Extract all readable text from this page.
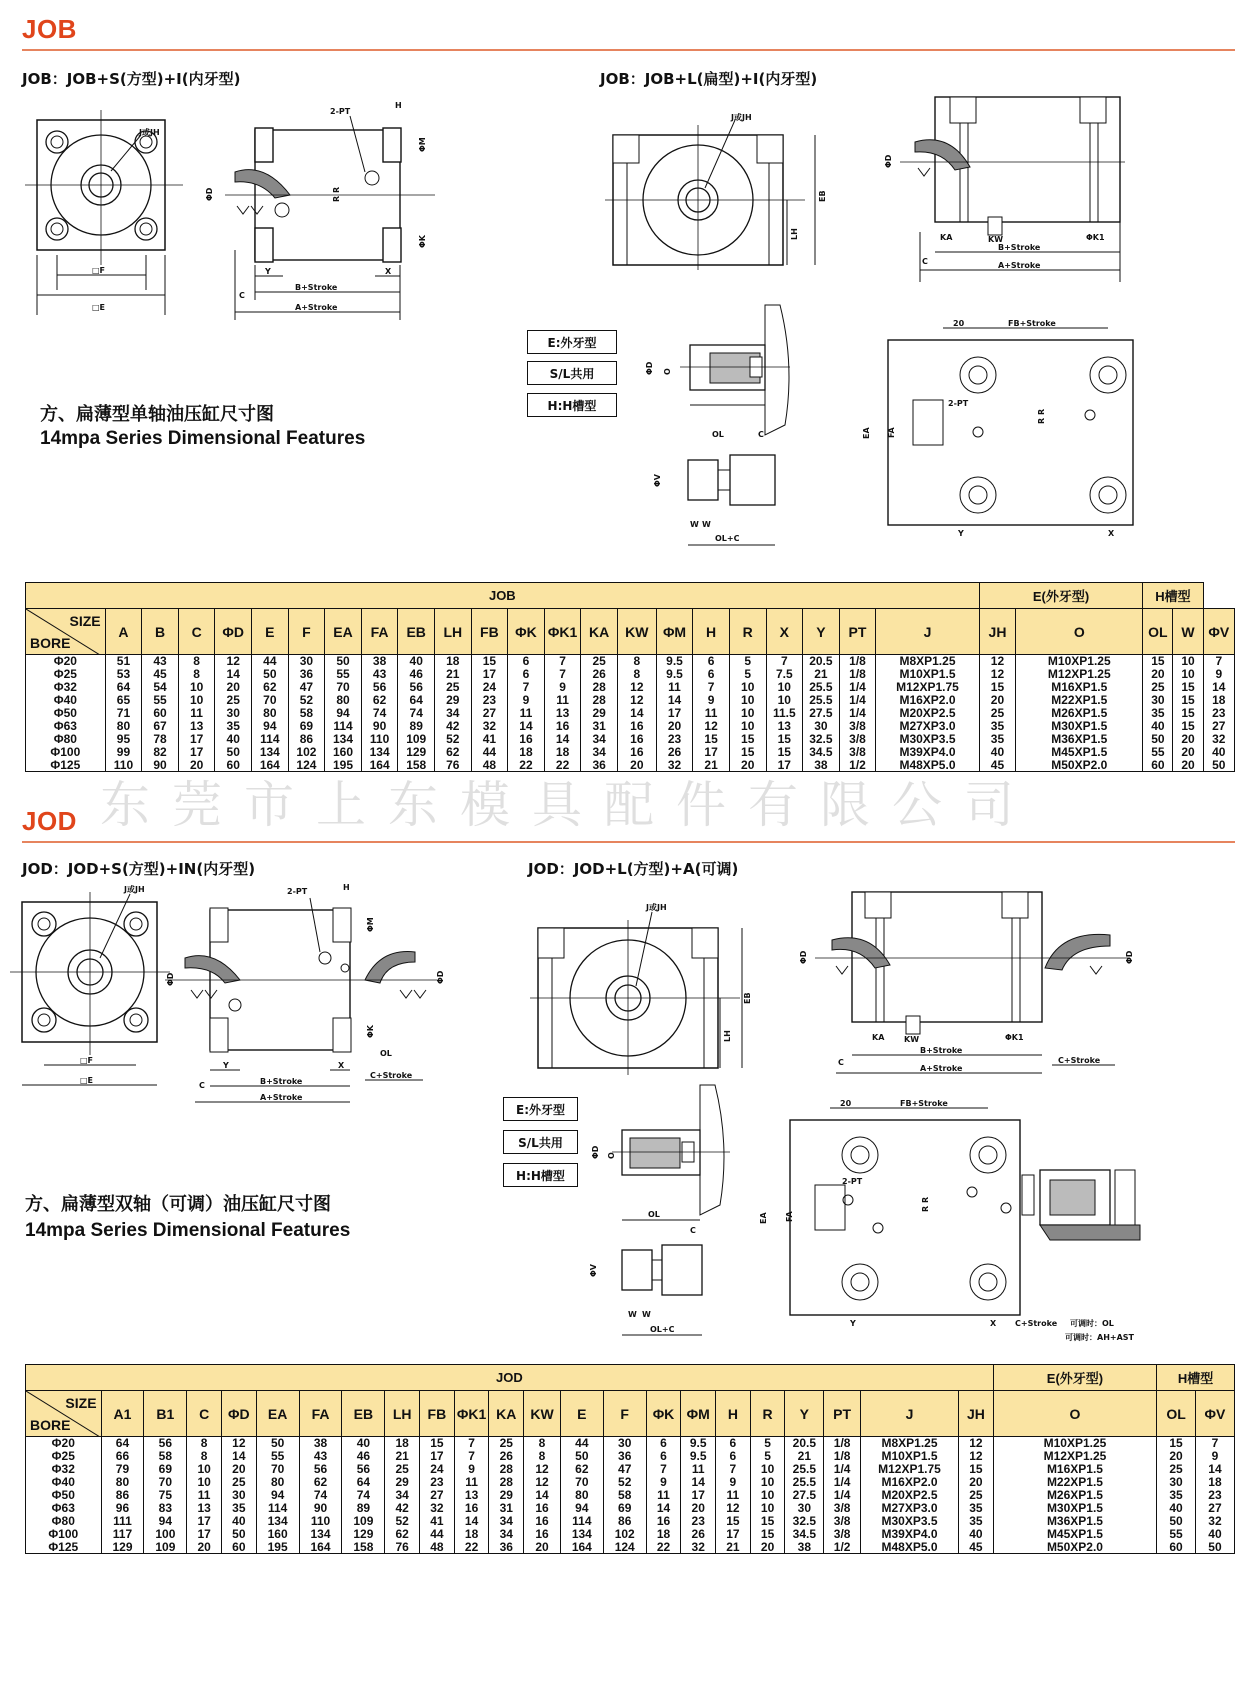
JOB
JOB：JOB+S(方型)+I(内牙型)	JOB：JOB+L(扁型)+I(内牙型)
J或JH
□F
□E
2-PT
ΦD	R R
ΦM
H
ΦK
Y	X
B+Stroke
A+Stroke
C
J或JH
LH
EB
ΦD
KA	KW	ΦK1
B+Stroke
A+Stroke
C
E:外牙型
S/L共用
H:H槽型
ΦD O
OL	C
ΦV
W W
OL+C
2-PT
EA FA
R R
20	FB+Stroke
Y	X
方、扁薄型单轴油压缸尺寸图
14mpa Series Dimensional Features
JOB																							E(外牙型)		H槽型		

SIZE
BORE	A	B	C	ΦD	E	F	EA	FA	EB	LH	FB	ΦK	ΦK1	KA	KW	ΦM	H	R	X	Y	PT	J	JH	O	OL	W	ΦV
Φ20	51	43	8	12	44	30	50	38	40	18	15	6	7	25	8	9.5	6	5	7	20.5	1/8	M8XP1.25	12	M10XP1.25	15	10	7
Φ25	53	45	8	14	50	36	55	43	46	21	17	6	7	26	8	9.5	6	5	7.5	21	1/8	M10XP1.5	12	M12XP1.25	20	10	9
Φ32	64	54	10	20	62	47	70	56	56	25	24	7	9	28	12	11	7	10	10	25.5	1/4	M12XP1.75	15	M16XP1.5	25	15	14
Φ40	65	55	10	25	70	52	80	62	64	29	23	9	11	28	12	14	9	10	10	25.5	1/4	M16XP2.0	20	M22XP1.5	30	15	18
Φ50	71	60	11	30	80	58	94	74	74	34	27	11	13	29	14	17	11	10	11.5	27.5	1/4	M20XP2.5	25	M26XP1.5	35	15	23
Φ63	80	67	13	35	94	69	114	90	89	42	32	14	16	31	16	20	12	10	13	30	3/8	M27XP3.0	35	M30XP1.5	40	15	27
Φ80	95	78	17	40	114	86	134	110	109	52	41	16	14	34	16	23	15	15	15	32.5	3/8	M30XP3.5	35	M36XP1.5	50	20	32
Φ100	99	82	17	50	134	102	160	134	129	62	44	18	18	34	16	26	17	15	15	34.5	3/8	M39XP4.0	40	M45XP1.5	55	20	40
Φ125	110	90	20	60	164	124	195	164	158	76	48	22	22	36	20	32	21	20	17	38	1/2	M48XP5.0	45	M50XP2.0	60	20	50
东莞市上东模具配件有限公司
JOD
JOD：JOD+S(方型)+IN(内牙型)	JOD：JOD+L(方型)+A(可调)
J或JH
□F
□E
2-PT
ΦD	ΦD
ΦM
H
ΦK
Y	X
B+Stroke
A+Stroke
C+Stroke
OL
C
J或JH
LH
EB
ΦD	ΦD
KA KW	ΦK1
B+Stroke
A+Stroke
C+Stroke
C
E:外牙型
S/L共用
H:H槽型
ΦD O
OL
C
ΦV
W W
OL+C
2-PT
EA FA
R R
20	FB+Stroke
Y	X C+Stroke 可调时：OL
可调时：AH+AST
方、扁薄型双轴（可调）油压缸尺寸图
14mpa Series Dimensional Features
JOD																							E(外牙型)	H槽型	

SIZE
BORE	A1	B1	C	ΦD	EA	FA	EB	LH	FB	ΦK1	KA	KW	E	F	ΦK	ΦM	H	R	Y	PT	J	JH	O	OL	ΦV
Φ20	64	56	8	12	50	38	40	18	15	7	25	8	44	30	6	9.5	6	5	20.5	1/8	M8XP1.25	12	M10XP1.25	15	7
Φ25	66	58	8	14	55	43	46	21	17	7	26	8	50	36	6	9.5	6	5	21	1/8	M10XP1.5	12	M12XP1.25	20	9
Φ32	79	69	10	20	70	56	56	25	24	9	28	12	62	47	7	11	7	10	25.5	1/4	M12XP1.75	15	M16XP1.5	25	14
Φ40	80	70	10	25	80	62	64	29	23	11	28	12	70	52	9	14	9	10	25.5	1/4	M16XP2.0	20	M22XP1.5	30	18
Φ50	86	75	11	30	94	74	74	34	27	13	29	14	80	58	11	17	11	10	27.5	1/4	M20XP2.5	25	M26XP1.5	35	23
Φ63	96	83	13	35	114	90	89	42	32	16	31	16	94	69	14	20	12	10	30	3/8	M27XP3.0	35	M30XP1.5	40	27
Φ80	111	94	17	40	134	110	109	52	41	14	34	16	114	86	16	23	15	15	32.5	3/8	M30XP3.5	35	M36XP1.5	50	32
Φ100	117	100	17	50	160	134	129	62	44	18	34	16	134	102	18	26	17	15	34.5	3/8	M39XP4.0	40	M45XP1.5	55	40
Φ125	129	109	20	60	195	164	158	76	48	22	36	20	164	124	22	32	21	20	38	1/2	M48XP5.0	45	M50XP2.0	60	50
